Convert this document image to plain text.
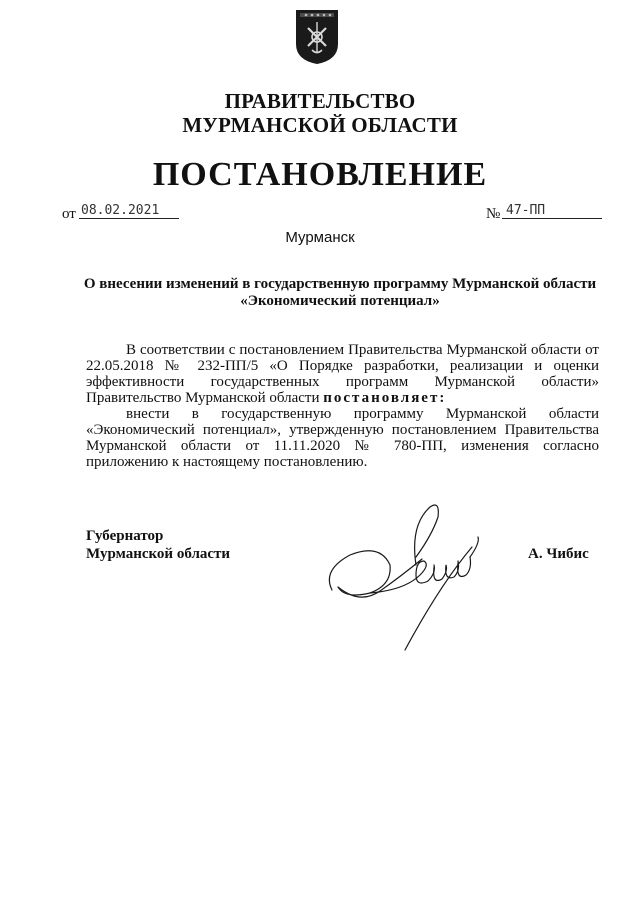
ПРАВИТЕЛЬСТВО
МУРМАНСКОЙ ОБЛАСТИ
ПОСТАНОВЛЕНИЕ
от 08.02.2021	№ 47-ПП
Мурманск
О внесении изменений в государственную программу Мурманской области
«Экономический потенциал»

В соответствии с постановлением Правительства Мурманской области от 22.05.2018 № 232-ПП/5 «О Порядке разработки, реализации и оценки эффективности государственных программ Мурманской области» Правительство Мурманской области постановляет:

внести в государственную программу Мурманской области «Экономический потенциал», утвержденную постановлением Правительства Мурманской области от 11.11.2020 № 780-ПП, изменения согласно приложению к настоящему постановлению.

Губернатор
Мурманской области	А. Чибис
